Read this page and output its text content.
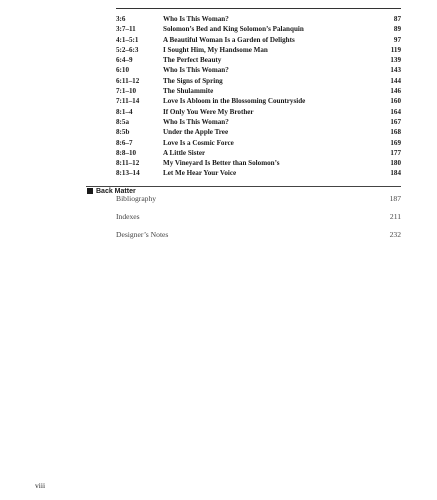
3:6	Who Is This Woman?	87
3:7–11	Solomon’s Bed and King Solomon’s Palanquin	89
4:1–5:1	A Beautiful Woman Is a Garden of Delights	97
5:2–6:3	I Sought Him, My Handsome Man	119
6:4–9	The Perfect Beauty	139
6:10	Who Is This Woman?	143
6:11–12	The Signs of Spring	144
7:1–10	The Shulammite	146
7:11–14	Love Is Abloom in the Blossoming Countryside	160
8:1–4	If Only You Were My Brother	164
8:5a	Who Is This Woman?	167
8:5b	Under the Apple Tree	168
8:6–7	Love Is a Cosmic Force	169
8:8–10	A Little Sister	177
8:11–12	My Vineyard Is Better than Solomon’s	180
8:13–14	Let Me Hear Your Voice	184
Back Matter
Bibliography	187
Indexes	211
Designer’s Notes	232
viii
